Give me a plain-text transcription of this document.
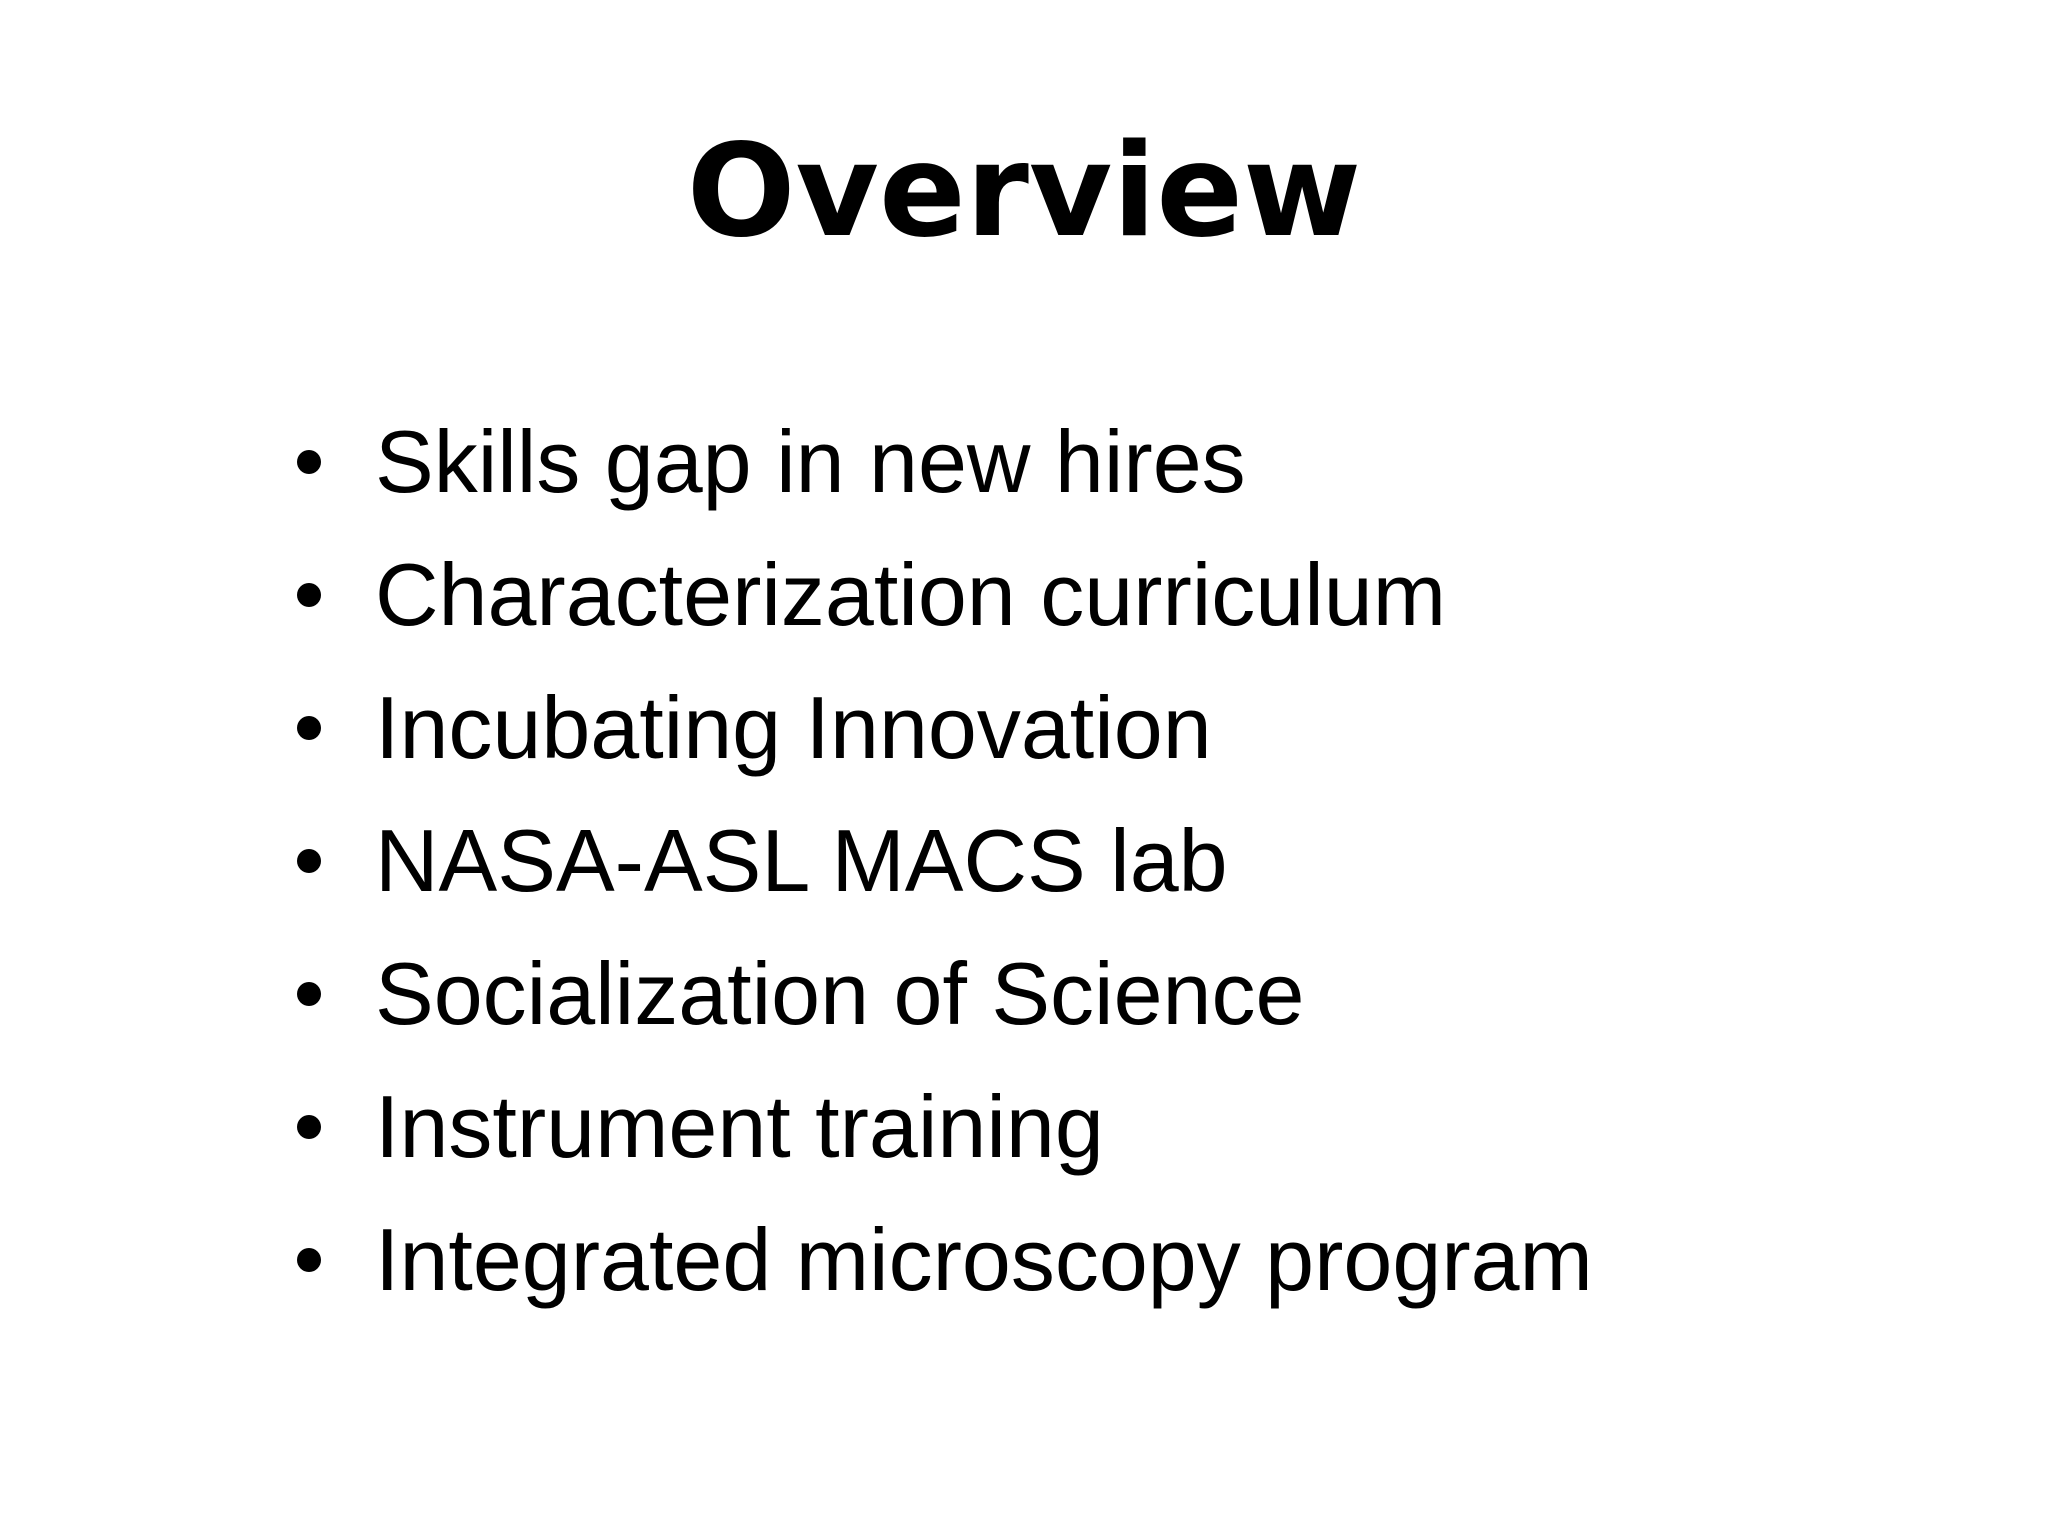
Overview
Skills gap in new hires
Characterization curriculum
Incubating Innovation
NASA-ASL MACS lab
Socialization of Science
Instrument training
Integrated microscopy program
